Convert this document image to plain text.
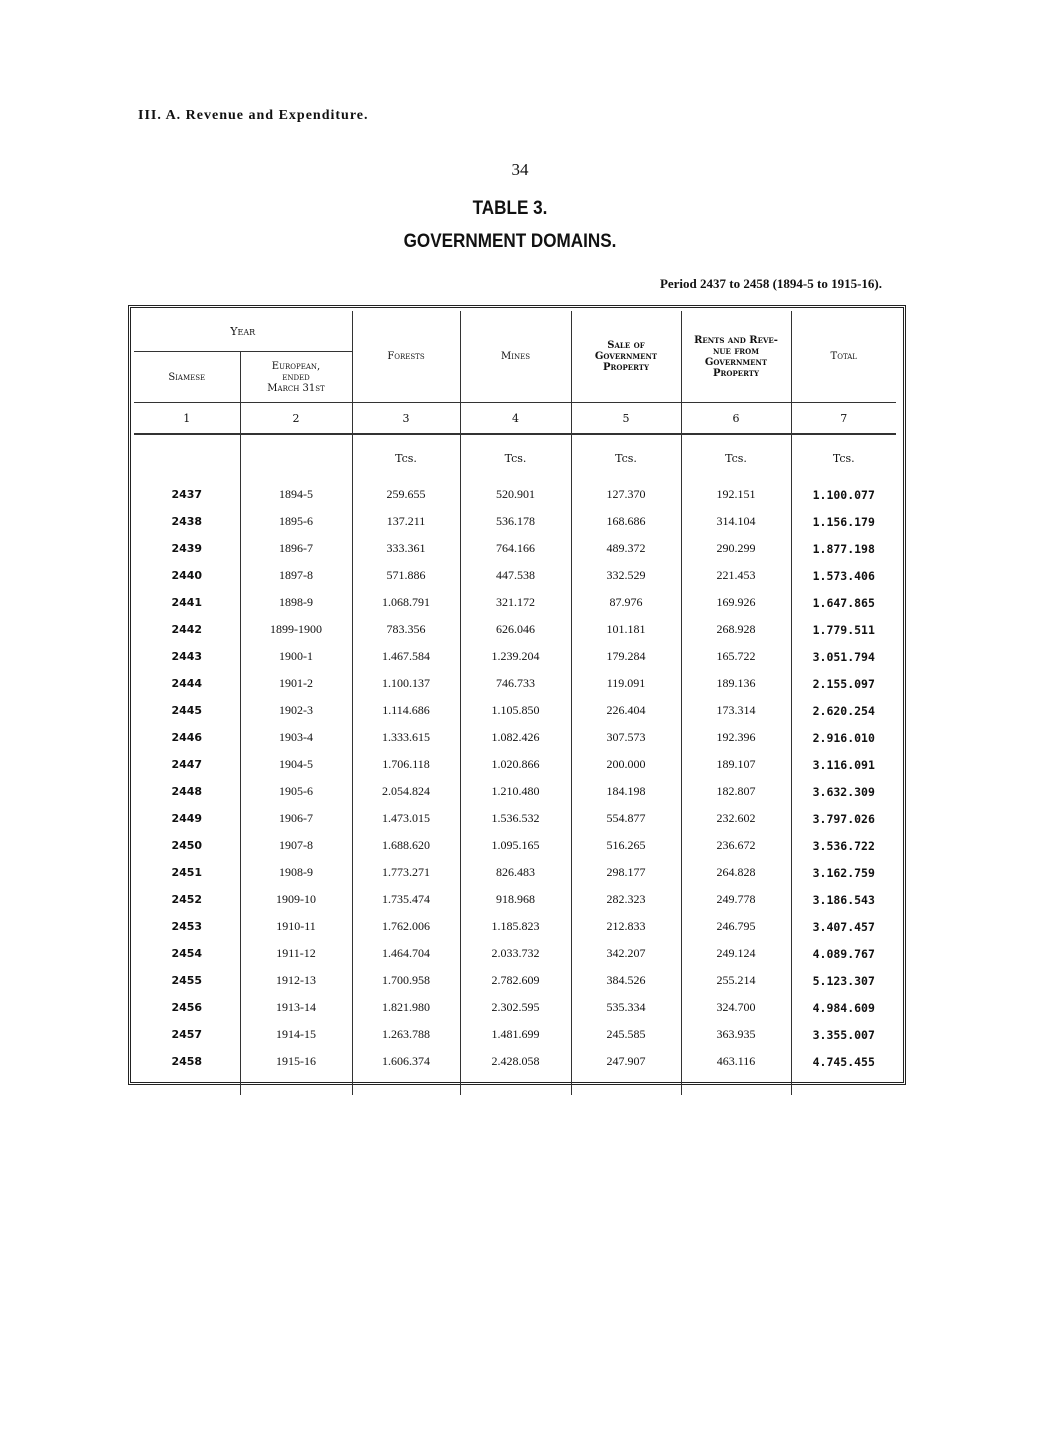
III. A. Revenue and Expenditure.
34
TABLE 3.
GOVERNMENT DOMAINS.
Period 2437 to 2458 (1894-5 to 1915-16).
Year		Forests	Mines	Sale of
Government
Property	Rents and Reve-
nue from
Government
Property	Total
Siamese	European,
ended
March 31st					
1	2	3	4	5	6	7
		Tcs.	Tcs.	Tcs.	Tcs.	Tcs.
2437	1894-5	259.655	520.901	127.370	192.151	1.100.077
2438	1895-6	137.211	536.178	168.686	314.104	1.156.179
2439	1896-7	333.361	764.166	489.372	290.299	1.877.198
2440	1897-8	571.886	447.538	332.529	221.453	1.573.406
2441	1898-9	1.068.791	321.172	87.976	169.926	1.647.865
2442	1899-1900	783.356	626.046	101.181	268.928	1.779.511
2443	1900-1	1.467.584	1.239.204	179.284	165.722	3.051.794
2444	1901-2	1.100.137	746.733	119.091	189.136	2.155.097
2445	1902-3	1.114.686	1.105.850	226.404	173.314	2.620.254
2446	1903-4	1.333.615	1.082.426	307.573	192.396	2.916.010
2447	1904-5	1.706.118	1.020.866	200.000	189.107	3.116.091
2448	1905-6	2.054.824	1.210.480	184.198	182.807	3.632.309
2449	1906-7	1.473.015	1.536.532	554.877	232.602	3.797.026
2450	1907-8	1.688.620	1.095.165	516.265	236.672	3.536.722
2451	1908-9	1.773.271	826.483	298.177	264.828	3.162.759
2452	1909-10	1.735.474	918.968	282.323	249.778	3.186.543
2453	1910-11	1.762.006	1.185.823	212.833	246.795	3.407.457
2454	1911-12	1.464.704	2.033.732	342.207	249.124	4.089.767
2455	1912-13	1.700.958	2.782.609	384.526	255.214	5.123.307
2456	1913-14	1.821.980	2.302.595	535.334	324.700	4.984.609
2457	1914-15	1.263.788	1.481.699	245.585	363.935	3.355.007
2458	1915-16	1.606.374	2.428.058	247.907	463.116	4.745.455
